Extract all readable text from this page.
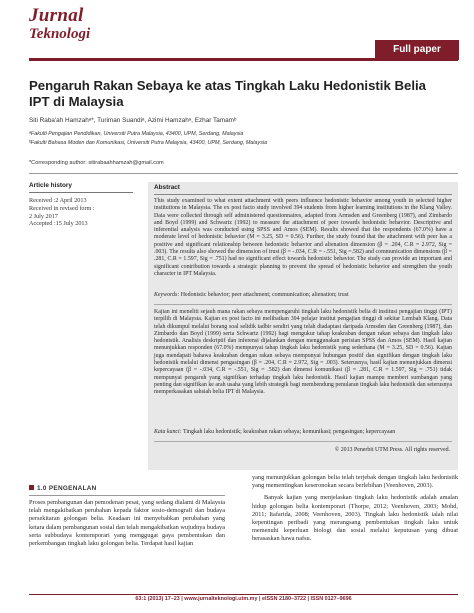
Jurnal
Teknologi
Full paper
Pengaruh Rakan Sebaya ke atas Tingkah Laku Hedonistik Belia IPT di Malaysia
Siti Raba'ah Hamzahᵃ*, Turiman Suandiᵃ, Azimi Hamzahᵃ, Ezhar Tamamᵇ
ᵃFakulti Pengajian Pendidikan, Universiti Putra Malaysia, 43400, UPM, Serdang, Malaysia
ᵇFakulti Bahasa Moden dan Komunikasi, Universiti Putra Malaysia, 43400, UPM, Serdang, Malaysia
*Corresponding author: sitirabaahhamzah@gmail.com
Article history
Received :2 April 2013
Received in revised form :
2 July 2017
Accepted :15 July 2013
Abstract
This study examined to what extent attachment with peers influence hedonistic behavior among youth in selected higher institutions in Malaysia. The ex post facto study involved 394 students from higher learning institutions in the Klang Valley. Data were collected through self administered questionnaires, adapted from Armsden and Greenberg (1987), and Zimbardo and Boyd (1999) and Schwartz (1992) to measure the attachment of peer towards hedonistic behavior. Descriptive and inferential analysis was conducted using SPSS and Amos (SEM). Results showed that the respondents (67.0%) have a moderate level of hedonistic behavior (M = 3.25, SD = 0.56). Further, the study found that the attachment with peer has a positive and significant relationship between hedonistic behavior and alienation dimension (β = .204, C.R = 2.972, Sig = .003). The results also showed the dimension of trust (β = -.034, C.R = -.551, Sig =.582) and communication dimensions (β = .281, C.R = 1.597, Sig = .751) had no significant effect towards hedonistic behavior. The study can provide an important and significant contribution towards a strategic planning to prevent the spread of hedonistic behavior and strengthen the youth character in IPT Malaysia.
Keywords: Hedonistic behavior; peer attachment; communication; alienation; trust
Kajian ini meneliti sejauh mana rakan sebaya mempengaruhi tingkah laku hedonistik belia di institusi pengajian tinggi (IPT) terpilih di Malaysia. Kajian ex post facto ini melibatkan 394 pelajar institut pengajian tinggi di sekitar Lembah Klang. Data telah dikumpul melalui borang soal selidik tadbir sendiri yang telah diadaptasi daripada Armsden dan Greenberg (1987), dan Zimbardo dan Boyd (1999) serta Schwartz (1992) bagi mengukur tahap keakraban dengan rakan sebaya dan tingkah laku hedonistik. Analisis deskriptif dan inferensi dijalankan dengan menggunakan perisian SPSS dan Amos (SEM). Hasil kajian menunjukkan responden (67.0%) mempunyai tahap tingkah laku hedonistik yang sederhana (M = 3.25, SD = 0.56). Kajian juga mendapati bahawa keakraban dengan rakan sebaya mempunyai hubungan positif dan signifikan dengan tingkah laku hedonistik melalui dimensi pengasingan (β = .204, C.R = 2.972, Sig = .003). Seterusnya, hasil kajian menunjukkan dimensi kepercayaan (β = -.034, C.R = -.551, Sig = .582) dan dimensi komunikasi (β = .281, C.R = 1.597, Sig = .751) tidak mempunyai pengaruh yang signifikan terhadap tingkah laku hedonistik. Hasil kajian mampu memberi sumbangan yang penting dan signifikan ke arah usaha yang lebih strategik bagi membendung penularan tingkah laku hedonistik dan seterusnya memperkasakan sahsiah belia IPT di Malaysia.
Kata kunci: Tingkah laku hedonistik; keakraban rakan sebaya; komunikasi; pengasingan; kepercayaan
© 2013 Penerbit UTM Press. All rights reserved.
1.0 PENGENALAN
Proses pembangunan dan pemodenan pesat, yang sedang dialami di Malaysia telah mengakibatkan perubahan kepada faktor sosio-demografi dan budaya persekitaran golongan belia. Keadaan ini menyebabkan perubahan yang ketara dalam pembangunan sosial dan telah mengakibatkan wujudnya budaya serta subbudaya kontemporari yang menggugat gaya pembentukan dan perkembangan tingkah laku golongan belia. Terdapat hasil kajian
yang menunjukkan golongan belia telah terjebak dengan tingkah laku hedonistik yang mementingkan keseronokan secara berlebihan (Veenhoven, 2003).
Banyak kajian yang menjelaskan tingkah laku hedonistik adalah amalan hidup golongan belia kontemporari (Thorpe, 2012; Veenhoven, 2003; Mohd, 2011; Itafarida, 2008; Veenhoven, 2003). Tingkah laku hedonistik ialah nilai kepentingan peribadi yang merangsang pembentukan tingkah laku untuk memenuhi keperluan biologi dan sosial melalui keputusan yang dibuat berasaskan hawa nafsu.
63:1 (2013) 17–23 | www.jurnalteknologi.utm.my | eISSN 2180–3722 | ISSN 0127–9696
